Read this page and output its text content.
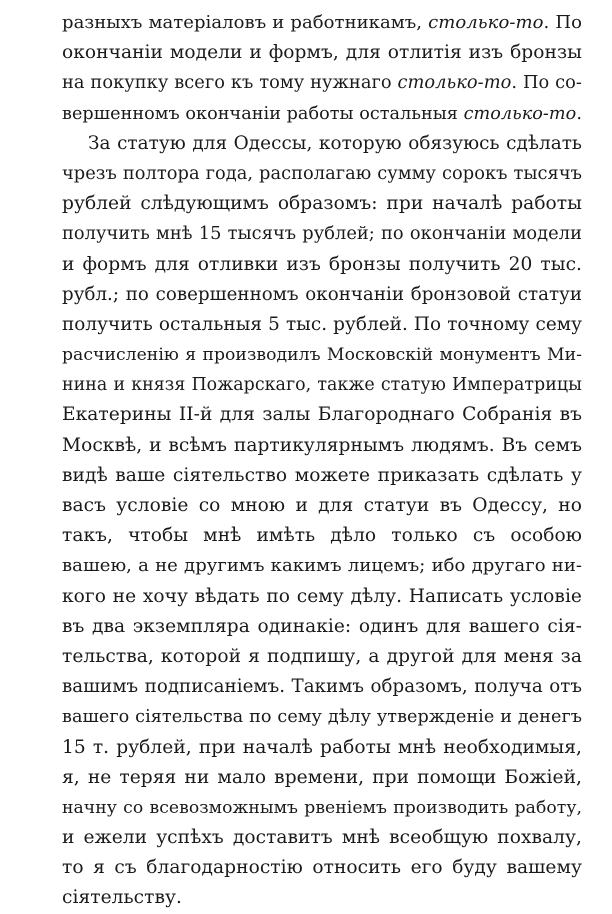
разныхъ матеріаловъ и работникамъ, столько-то. По
окончаніи модели и формъ, для отлитія изъ бронзы
на покупку всего къ тому нужнаго столько-то. По со-
вершенномъ окончаніи работы остальныя столько-то.
За статую для Одессы, которую обязуюсь сдѣлать
чрезъ полтора года, располагаю сумму сорокъ тысячъ
рублей слѣдующимъ образомъ: при началѣ работы
получить мнѣ 15 тысячъ рублей; по окончаніи модели
и формъ для отливки изъ бронзы получить 20 тыс.
рубл.; по совершенномъ окончаніи бронзовой статуи
получить остальныя 5 тыс. рублей. По точному сему
расчисленію я производилъ Московскій монументъ Ми-
нина и князя Пожарскаго, также статую Императрицы
Екатерины II-й для залы Благороднаго Собранія въ
Москвѣ, и всѣмъ партикулярнымъ людямъ. Въ семъ
видѣ ваше сіятельство можете приказать сдѣлать у
васъ условіе со мною и для статуи въ Одессу, но
такъ, чтобы мнѣ имѣть дѣло только съ особою
вашею, а не другимъ какимъ лицемъ; ибо другаго ни-
кого не хочу вѣдать по сему дѣлу. Написать условіе
въ два экземпляра одинакіе: одинъ для вашего сія-
тельства, которой я подпишу, а другой для меня за
вашимъ подписаніемъ. Такимъ образомъ, получа отъ
вашего сіятельства по сему дѣлу утвержденіе и денегъ
15 т. рублей, при началѣ работы мнѣ необходимыя,
я, не теряя ни мало времени, при помощи Божіей,
начну со всевозможнымъ рвеніемъ производить работу,
и ежели успѣхъ доставитъ мнѣ всеобщую похвалу,
то я съ благодарностію относить его буду вашему
сіятельству.
